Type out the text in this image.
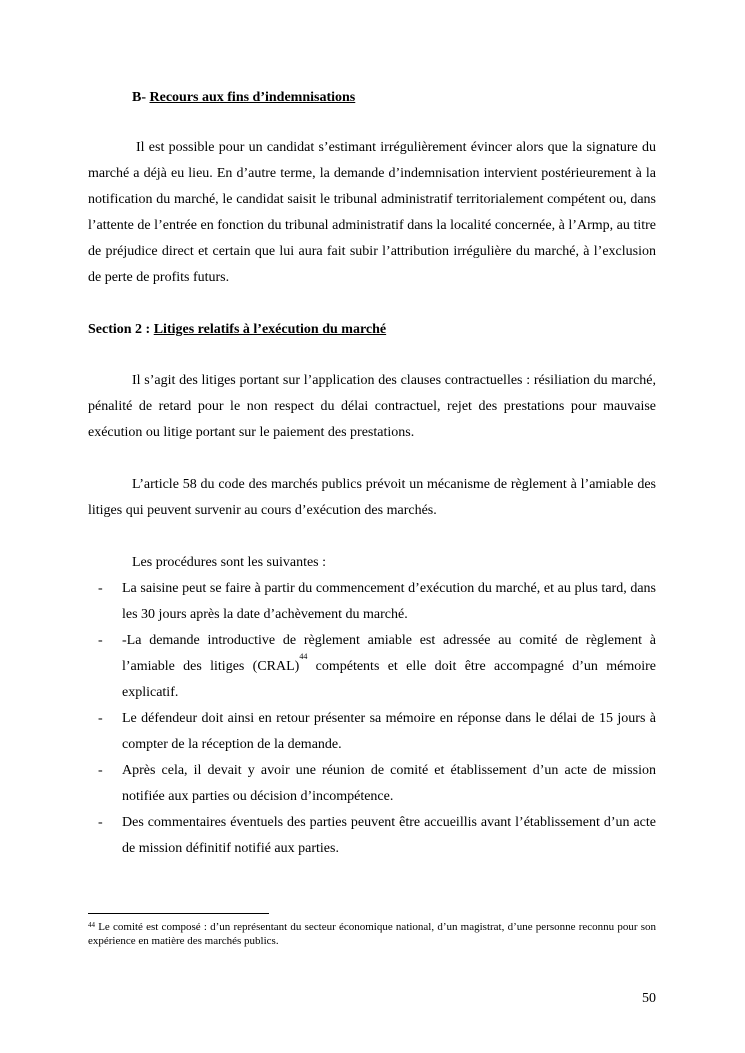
B- Recours aux fins d’indemnisations

Il est possible pour un candidat s’estimant irrégulièrement évincer alors que la signature du marché a déjà eu lieu. En d’autre terme, la demande d’indemnisation intervient postérieurement à la notification du marché, le candidat saisit le tribunal administratif territorialement compétent ou, dans l’attente de l’entrée en fonction du tribunal administratif dans la localité concernée, à l’Armp, au titre de préjudice direct et certain que lui aura fait subir l’attribution irrégulière du marché, à l’exclusion de perte de profits futurs.

Section 2 : Litiges relatifs à l’exécution du marché

Il s’agit des litiges portant sur l’application des clauses contractuelles : résiliation du marché, pénalité de retard pour le non respect du délai contractuel, rejet des prestations pour mauvaise exécution ou litige portant sur le paiement des prestations.

L’article 58 du code des marchés publics prévoit un mécanisme de règlement à l’amiable des litiges qui peuvent survenir au cours d’exécution des marchés.

Les procédures sont les suivantes :

- La saisine peut se faire à partir du commencement d’exécution du marché, et au plus tard, dans les 30 jours après la date d’achèvement du marché.
- -La demande introductive de règlement amiable est adressée au comité de règlement à l’amiable des litiges (CRAL)$^{44}$ compétents et elle doit être accompagné d’un mémoire explicatif.
- Le défendeur doit ainsi en retour présenter sa mémoire en réponse dans le délai de 15 jours à compter de la réception de la demande.
- Après cela, il devait y avoir une réunion de comité et établissement d’un acte de mission notifiée aux parties ou décision d’incompétence.
- Des commentaires éventuels des parties peuvent être accueillis avant l’établissement d’un acte de mission définitif notifié aux parties.
$^{44}$ Le comité est composé : d’un représentant du secteur économique national, d’un magistrat, d’une personne reconnu pour son expérience en matière des marchés publics.
50
